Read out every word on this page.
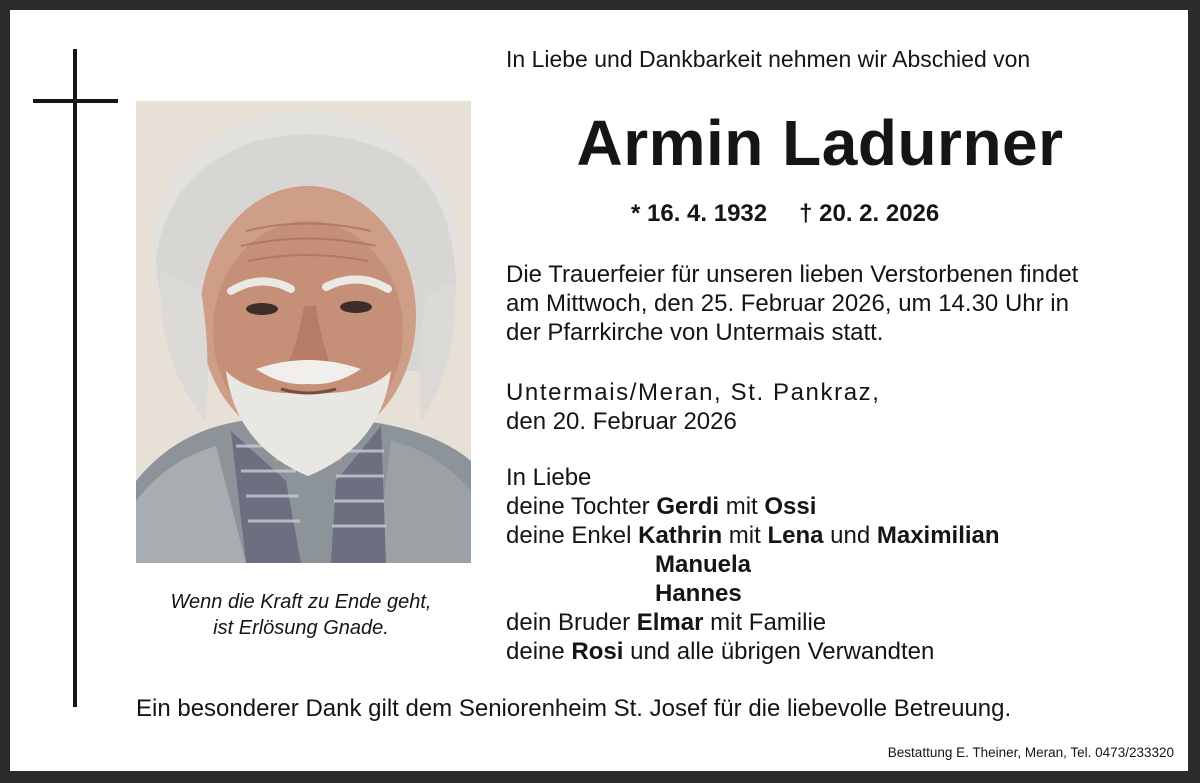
Wenn die Kraft zu Ende geht,
ist Erlösung Gnade.
In Liebe und Dankbarkeit nehmen wir Abschied von
Armin Ladurner
* 16. 4. 1932 † 20. 2. 2026
Die Trauerfeier für unseren lieben Verstorbenen findet
am Mittwoch, den 25. Februar 2026, um 14.30 Uhr in
der Pfarrkirche von Untermais statt.
Untermais/Meran, St. Pankraz,
den 20. Februar 2026
In Liebe
deine Tochter Gerdi mit Ossi
deine Enkel Kathrin mit Lena und Maximilian
Manuela
Hannes
dein Bruder Elmar mit Familie
deine Rosi und alle übrigen Verwandten
Ein besonderer Dank gilt dem Seniorenheim St. Josef für die liebevolle Betreuung.
Bestattung E. Theiner, Meran, Tel. 0473/233320
